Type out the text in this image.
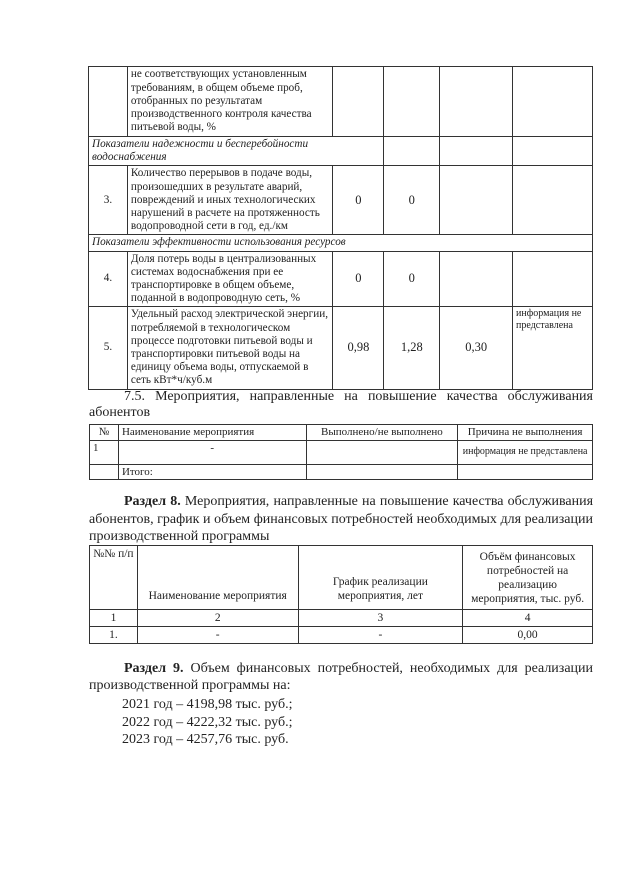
	не соответствующих установленным требованиям, в общем объеме проб, отобранных по результатам производственного контроля качества питьевой воды, %				
Показатели надежности и бесперебойности водоснабжения					
3.	Количество перерывов в подаче воды, произошедших в результате аварий, повреждений и иных технологических нарушений в расчете на протяженность водопроводной сети в год, ед./км	0	0		
Показатели эффективности использования ресурсов					
4.	Доля потерь воды в централизованных системах водоснабжения при ее транспортировке в общем объеме, поданной в водопроводную сеть, %	0	0		
5.	Удельный расход электрической энергии, потребляемой в технологическом процессе подготовки питьевой воды и транспортировки питьевой воды на единицу объема воды, отпускаемой в сеть кВт*ч/куб.м	0,98	1,28	0,30	информация не представлена

7.5. Мероприятия, направленные на повышение качества обслуживания

абонентов

№	Наименование мероприятия	Выполнено/не выполнено	Причина не выполнения
1	-		информация не представлена
	Итого:		

Раздел 8. Мероприятия, направленные на повышение качества обслуживания

абонентов, график и объем финансовых потребностей необходимых для реализации

производственной программы

№№ п/п	Наименование мероприятия	График реализации мероприятия, лет	Объём финансовых потребностей на реализацию мероприятия, тыс. руб.
1	2	3	4
1.	-	-	0,00

Раздел 9. Объем финансовых потребностей, необходимых для реализации

производственной программы на:

2021 год – 4198,98 тыс. руб.;
2022 год – 4222,32 тыс. руб.;
2023 год – 4257,76 тыс. руб.
